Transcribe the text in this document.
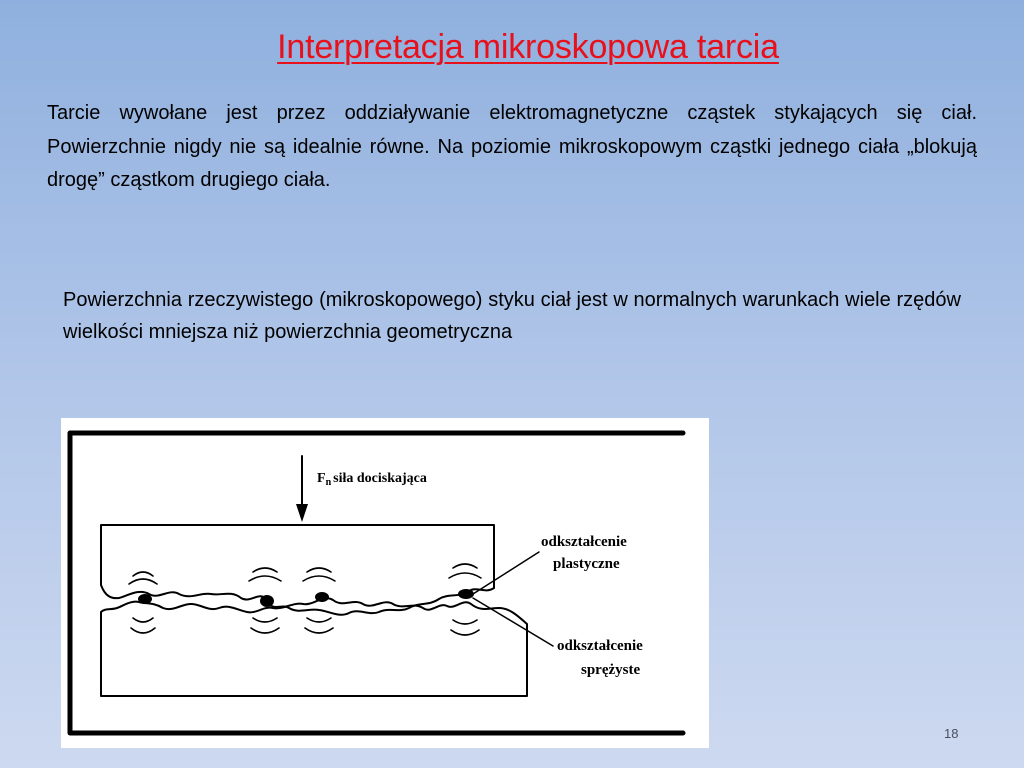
Interpretacja mikroskopowa tarcia
Tarcie wywołane jest przez oddziaływanie elektromagnetyczne cząstek stykających się ciał. Powierzchnie nigdy nie są idealnie równe. Na poziomie mikroskopowym cząstki jednego ciała „blokują drogę” cząstkom drugiego ciała.
Powierzchnia rzeczywistego (mikroskopowego) styku ciał jest w normalnych warunkach wiele rzędów wielkości mniejsza niż powierzchnia geometryczna
$F_n$ siła dociskająca
odkształcenie
plastyczne
odkształcenie
sprężyste
18
